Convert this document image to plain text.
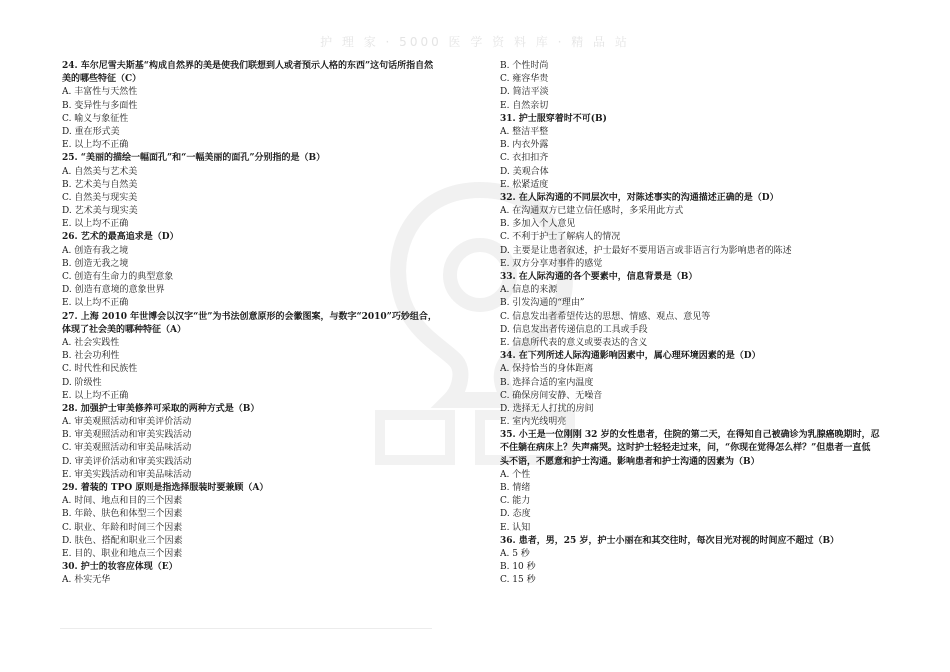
护 理 家 · 5000 医 学 资 料 库 · 精 品 站
24. 车尔尼雪夫斯基“构成自然界的美是使我们联想到人或者预示人格的东西”这句话所指自然
美的哪些特征（C）
A. 丰富性与天然性
B. 变异性与多面性
C. 喻义与象征性
D. 重在形式美
E. 以上均不正确
25. “美丽的描绘一幅面孔”和“一幅美丽的面孔”分别指的是（B）
A. 自然美与艺术美
B. 艺术美与自然美
C. 自然美与现实美
D. 艺术美与现实美
E. 以上均不正确
26. 艺术的最高追求是（D）
A. 创造有我之境
B. 创造无我之境
C. 创造有生命力的典型意象
D. 创造有意境的意象世界
E. 以上均不正确
27. 上海 2010 年世博会以汉字“世”为书法创意原形的会徽图案，与数字“2010”巧妙组合，
体现了社会美的哪种特征（A）
A. 社会实践性
B. 社会功利性
C. 时代性和民族性
D. 阶级性
E. 以上均不正确
28. 加强护士审美修养可采取的两种方式是（B）
A. 审美观照活动和审美评价活动
B. 审美观照活动和审美实践活动
C. 审美观照活动和审美品味活动
D. 审美评价活动和审美实践活动
E. 审美实践活动和审美品味活动
29. 着装的 TPO 原则是指选择服装时要兼顾（A）
A. 时间、地点和目的三个因素
B. 年龄、肤色和体型三个因素
C. 职业、年龄和时间三个因素
D. 肤色、搭配和职业三个因素
E. 目的、职业和地点三个因素
30. 护士的妆容应体现（E）
A. 朴实无华
B. 个性时尚
C. 雍容华贵
D. 简洁平淡
E. 自然亲切
31. 护士服穿着时不可(B)
A. 整洁平整
B. 内衣外露
C. 衣扣扣齐
D. 美观合体
E. 松紧适度
32. 在人际沟通的不同层次中，对陈述事实的沟通描述正确的是（D）
A. 在沟通双方已建立信任感时，多采用此方式
B. 多加入个人意见
C. 不利于护士了解病人的情况
D. 主要是让患者叙述，护士最好不要用语言或非语言行为影响患者的陈述
E. 双方分享对事件的感觉
33. 在人际沟通的各个要素中，信息背景是（B）
A. 信息的来源
B. 引发沟通的“理由”
C. 信息发出者希望传达的思想、情感、观点、意见等
D. 信息发出者传递信息的工具或手段
E. 信息所代表的意义或要表达的含义
34. 在下列所述人际沟通影响因素中，属心理环境因素的是（D）
A. 保持恰当的身体距离
B. 选择合适的室内温度
C. 确保房间安静、无噪音
D. 选择无人打扰的房间
E. 室内光线明亮
35. 小王是一位刚刚 32 岁的女性患者，住院的第二天，在得知自己被确诊为乳腺癌晚期时，忍
不住躺在病床上？失声痛哭。这时护士轻轻走过来，问，“你现在觉得怎么样？”但患者一直低
头不语，不愿意和护士沟通。影响患者和护士沟通的因素为（B）
A. 个性
B. 情绪
C. 能力
D. 态度
E. 认知
36. 患者，男，25 岁，护士小丽在和其交往时，每次目光对视的时间应不超过（B）
A. 5 秒
B. 10 秒
C. 15 秒
